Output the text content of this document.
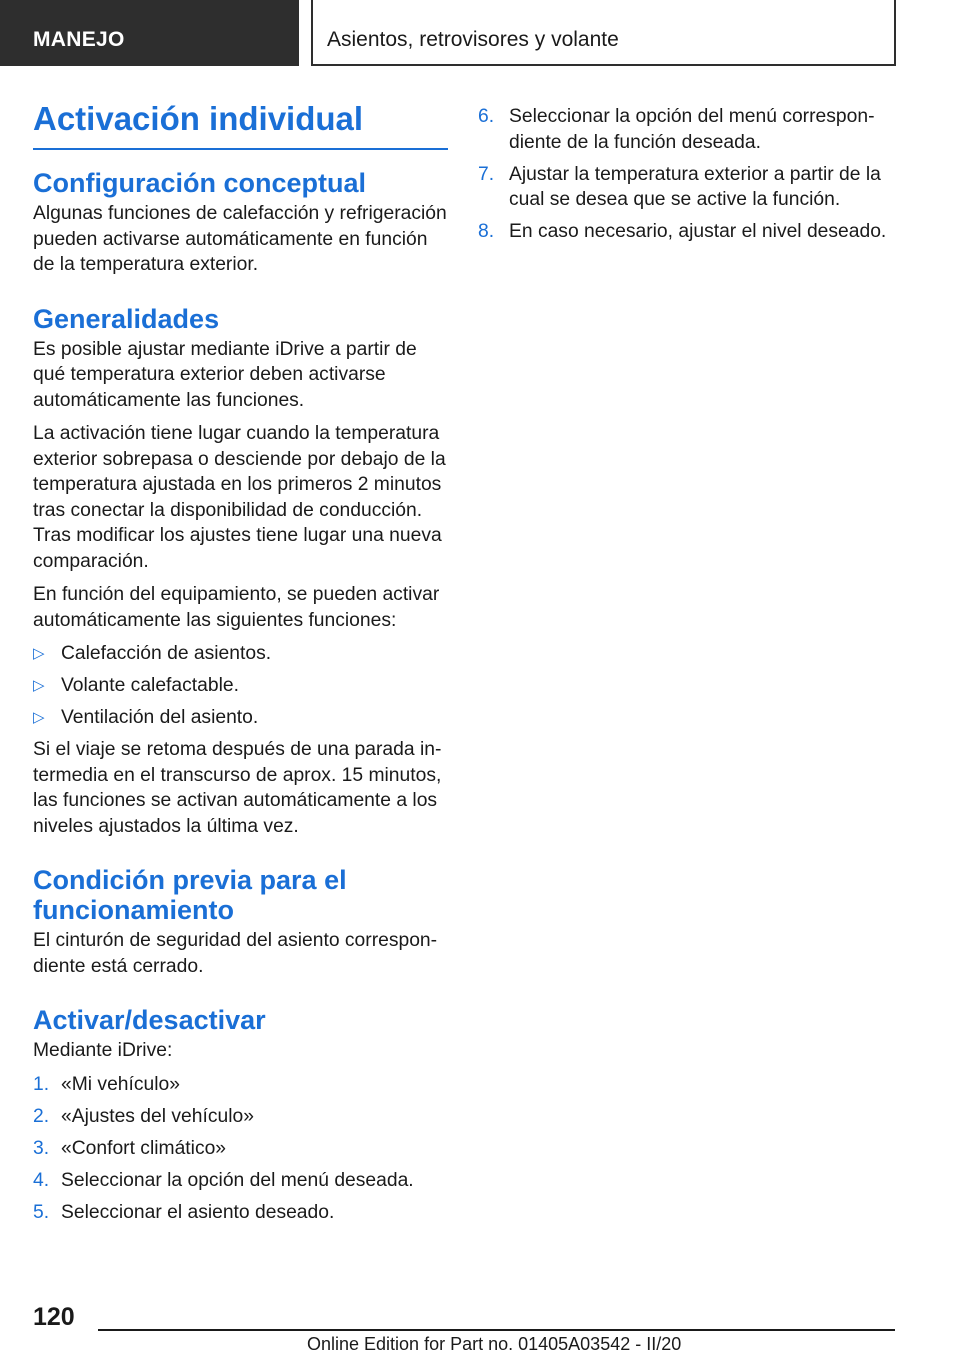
MANEJO	Asientos, retrovisores y volante
Activación individual
Configuración conceptual

Algunas funciones de calefacción y refrigeración pueden activarse automáticamente en función de la temperatura exterior.

Generalidades

Es posible ajustar mediante iDrive a partir de qué temperatura exterior deben activarse automáticamente las funciones.

La activación tiene lugar cuando la temperatura exterior sobrepasa o desciende por debajo de la temperatura ajustada en los primeros 2 minutos tras conectar la disponibilidad de conducción. Tras modificar los ajustes tiene lugar una nueva comparación.

En función del equipamiento, se pueden activar automáticamente las siguientes funciones:

▷ Calefacción de asientos.
▷ Volante calefactable.
▷ Ventilación del asiento.

Si el viaje se retoma después de una parada intermedia en el transcurso de aprox. 15 minutos, las funciones se activan automáticamente a los niveles ajustados la última vez.

Condición previa para el funcionamiento

El cinturón de seguridad del asiento correspondiente está cerrado.

Activar/desactivar

Mediante iDrive:

1. «Mi vehículo»
2. «Ajustes del vehículo»
3. «Confort climático»
4. Seleccionar la opción del menú deseada.
5. Seleccionar el asiento deseado.
6. Seleccionar la opción del menú correspondiente de la función deseada.
7. Ajustar la temperatura exterior a partir de la cual se desea que se active la función.
8. En caso necesario, ajustar el nivel deseado.
120
Online Edition for Part no. 01405A03542 - II/20
